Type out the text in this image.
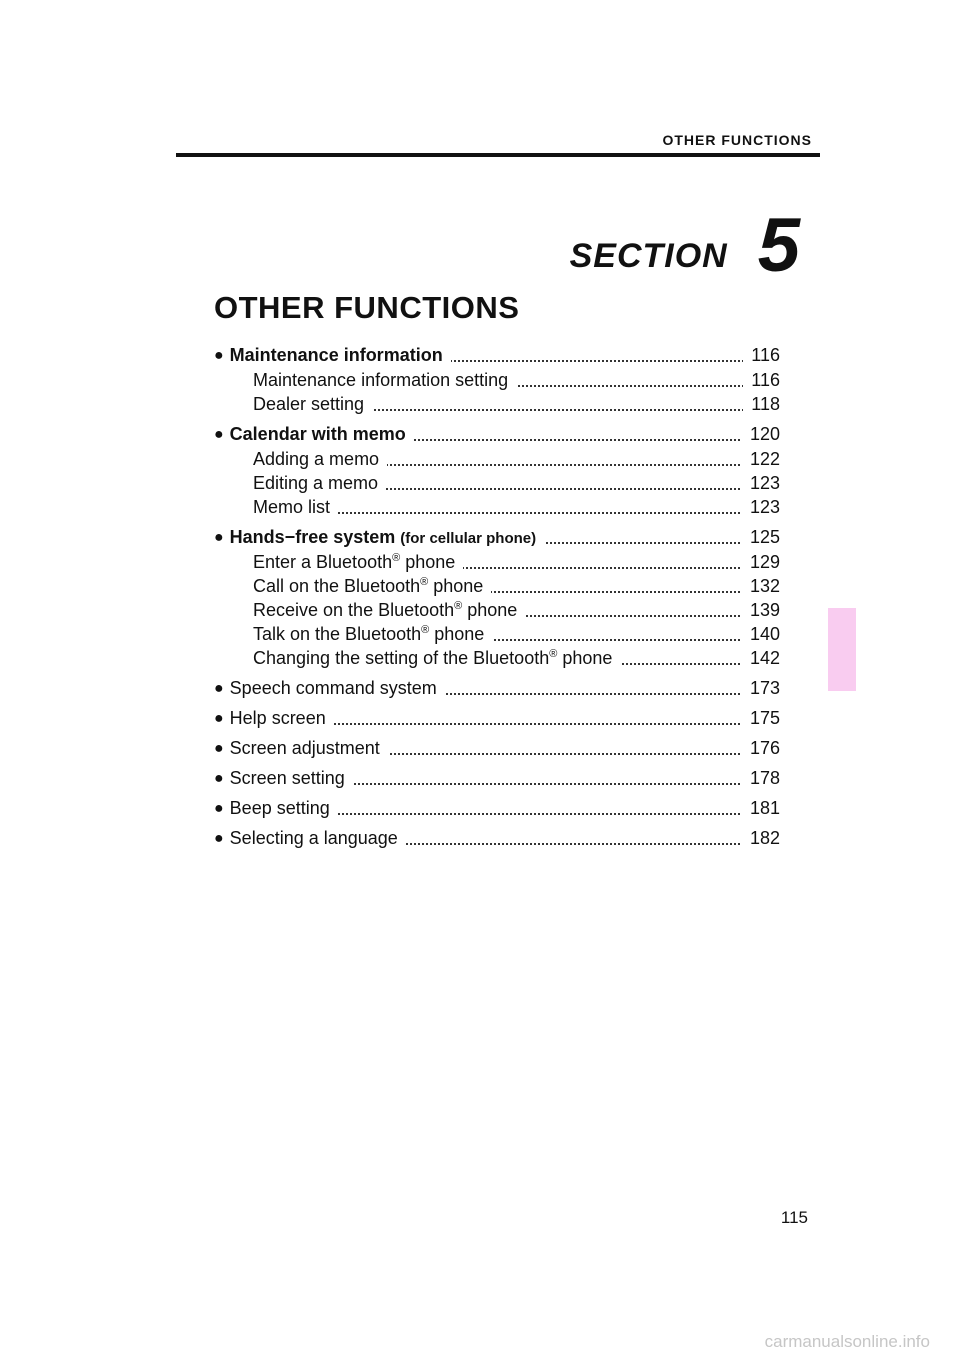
OTHER FUNCTIONS
SECTION 5
OTHER FUNCTIONS
● Maintenance information	116
Maintenance information setting	116
Dealer setting	118
● Calendar with memo	120
Adding a memo	122
Editing a memo	123
Memo list	123
● Hands−free system (for cellular phone)	125
Enter a Bluetooth® phone	129
Call on the Bluetooth® phone	132
Receive on the Bluetooth® phone	139
Talk on the Bluetooth® phone	140
Changing the setting of the Bluetooth® phone	142
● Speech command system	173
● Help screen	175
● Screen adjustment	176
● Screen setting	178
● Beep setting	181
● Selecting a language	182
115
carmanualsonline.info
